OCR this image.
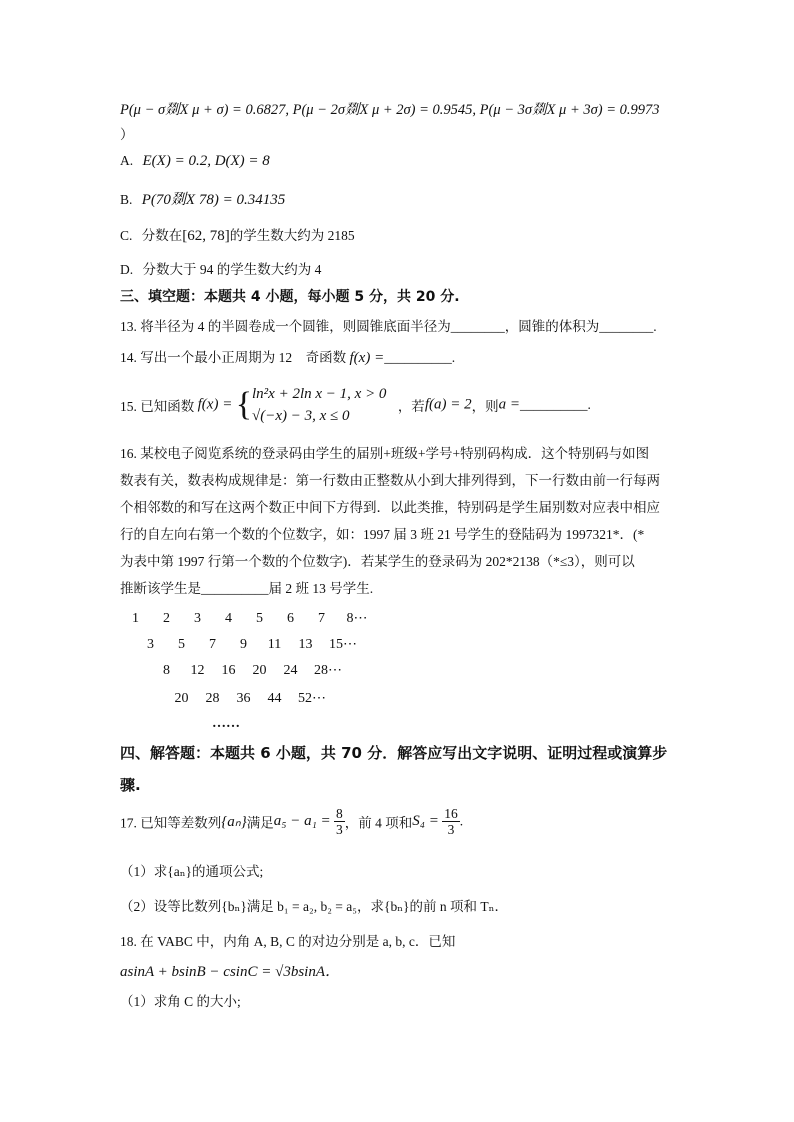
P(μ − σ剟X μ + σ) = 0.6827, P(μ − 2σ剟X μ + 2σ) = 0.9545, P(μ − 3σ剟X μ + 3σ) = 0.9973
）
A. E(X) = 0.2, D(X) = 8
B. P(70剟X 78) = 0.34135
C. 分数在[62, 78]的学生数大约为 2185
D. 分数大于 94 的学生数大约为 4
三、填空题：本题共 4 小题，每小题 5 分，共 20 分.
13. 将半径为 4 的半圆卷成一个圆锥，则圆锥底面半径为________，圆锥的体积为________.
14. 写出一个最小正周期为 12　奇函数 f(x) =__________.
15. 已知函数 f(x) = { ln²x + 2ln x − 1, x > 0
√(−x) − 3, x ≤ 0
，若f(a) = 2，则a =__________.
16. 某校电子阅览系统的登录码由学生的届别+班级+学号+特别码构成．这个特别码与如图
数表有关，数表构成规律是：第一行数由正整数从小到大排列得到，下一行数由前一行每两
个相邻数的和写在这两个数正中间下方得到．以此类推，特别码是学生届别数对应表中相应
行的自左向右第一个数的个位数字，如：1997 届 3 班 21 号学生的登陆码为 1997321*．(*
为表中第 1997 行第一个数的个位数字)．若某学生的登录码为 202*2138（*≤3），则可以
推断该学生是__________届 2 班 13 号学生.
1 2 3 4 5 6 7 8⋯
3 5 7 9 11 13 15⋯
8 12 16 20 24 28⋯
20 28 36 44 52⋯
……
四、解答题：本题共 6 小题，共 70 分．解答应写出文字说明、证明过程或演算步
骤.
17. 已知等差数列{aₙ}满足$a_5 - a_1 = \frac{8}{3}$ ，前 4 项和$S_4 = \frac{16}{3}$ .
（1）求{aₙ}的通项公式;
（2）设等比数列{bₙ}满足 b₁ = a₂, b₂ = a₅，求{bₙ}的前 n 项和 Tₙ．
18. 在 VABC 中，内角 A, B, C 的对边分别是 a, b, c．已知
asinA + bsinB − csinC = √3bsinA．
（1）求角 C 的大小;
